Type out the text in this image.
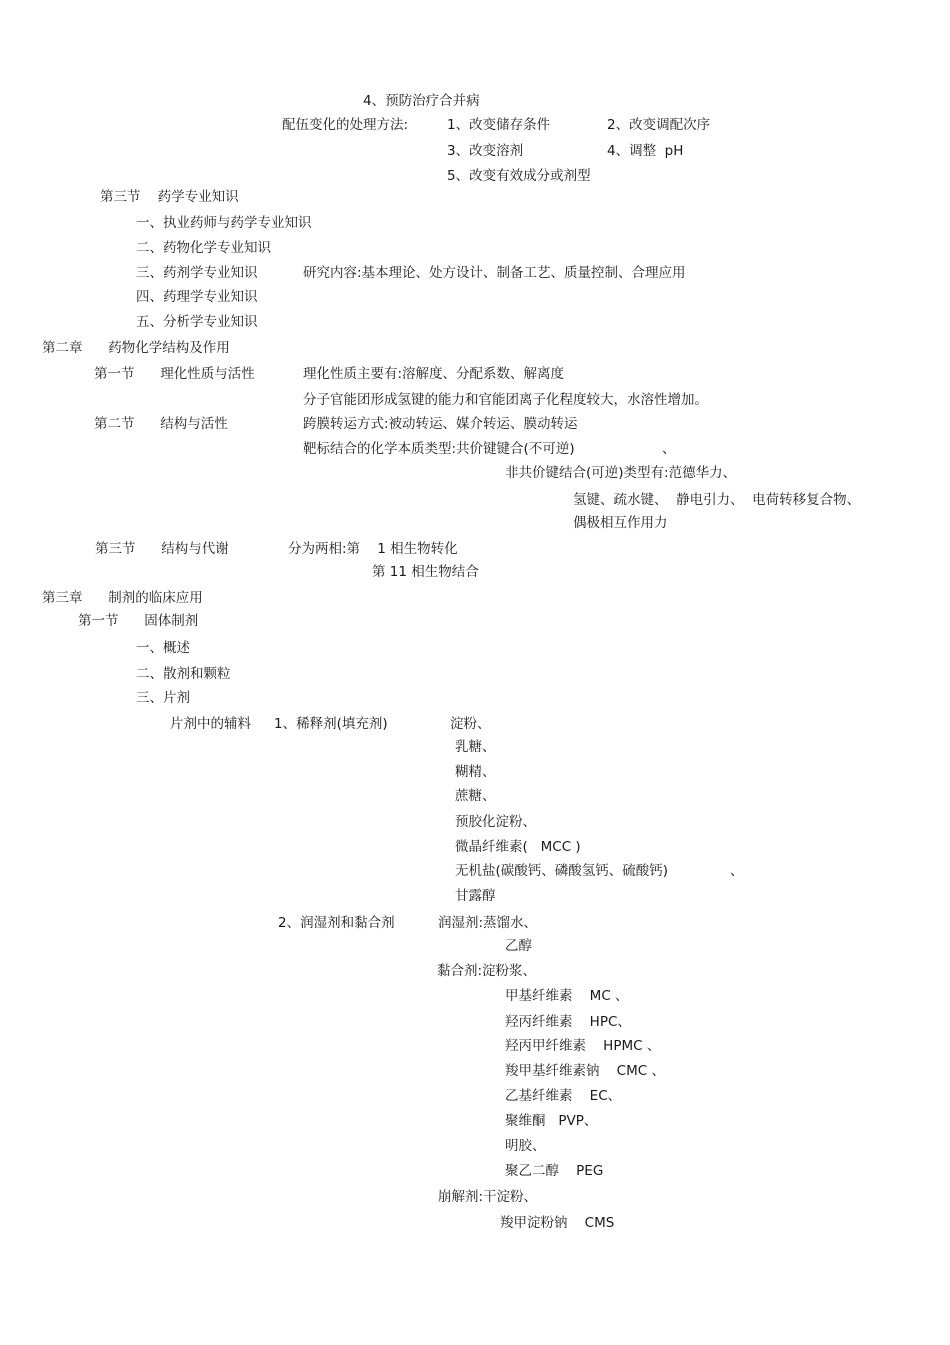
4、预防治疗合并病
配伍变化的处理方法:	1、改变储存条件	2、改变调配次序
3、改变溶剂	4、调整  pH
5、改变有效成分或剂型
第三节    药学专业知识
一、执业药师与药学专业知识
二、药物化学专业知识
三、药剂学专业知识	研究内容:基本理论、处方设计、制备工艺、质量控制、合理应用
四、药理学专业知识
五、分析学专业知识
第二章      药物化学结构及作用
第一节      理化性质与活性	理化性质主要有:溶解度、分配系数、解离度
分子官能团形成氢键的能力和官能团离子化程度较大，水溶性增加。
第二节      结构与活性	跨膜转运方式:被动转运、媒介转运、膜动转运
靶标结合的化学本质类型:共价键键合(不可逆)	、
非共价键结合(可逆)类型有:范德华力、
氢键、疏水键、  静电引力、  电荷转移复合物、
偶极相互作用力
第三节      结构与代谢	分为两相:第    1 相生物转化
第 11 相生物结合
第三章      制剂的临床应用
第一节      固体制剂
一、概述
二、散剂和颗粒
三、片剂
片剂中的辅料 1、稀释剂(填充剂)	淀粉、
乳糖、
糊精、
蔗糖、
预胶化淀粉、
微晶纤维素(   MCC )
无机盐(碳酸钙、磷酸氢钙、硫酸钙)	、
甘露醇
2、润湿剂和黏合剂	润湿剂:蒸馏水、
乙醇
黏合剂:淀粉浆、
甲基纤维素    MC 、
羟丙纤维素    HPC、
羟丙甲纤维素    HPMC 、
羧甲基纤维素钠    CMC 、
乙基纤维素    EC、
聚维酮   PVP、
明胶、
聚乙二醇    PEG
崩解剂:干淀粉、
羧甲淀粉钠    CMS
